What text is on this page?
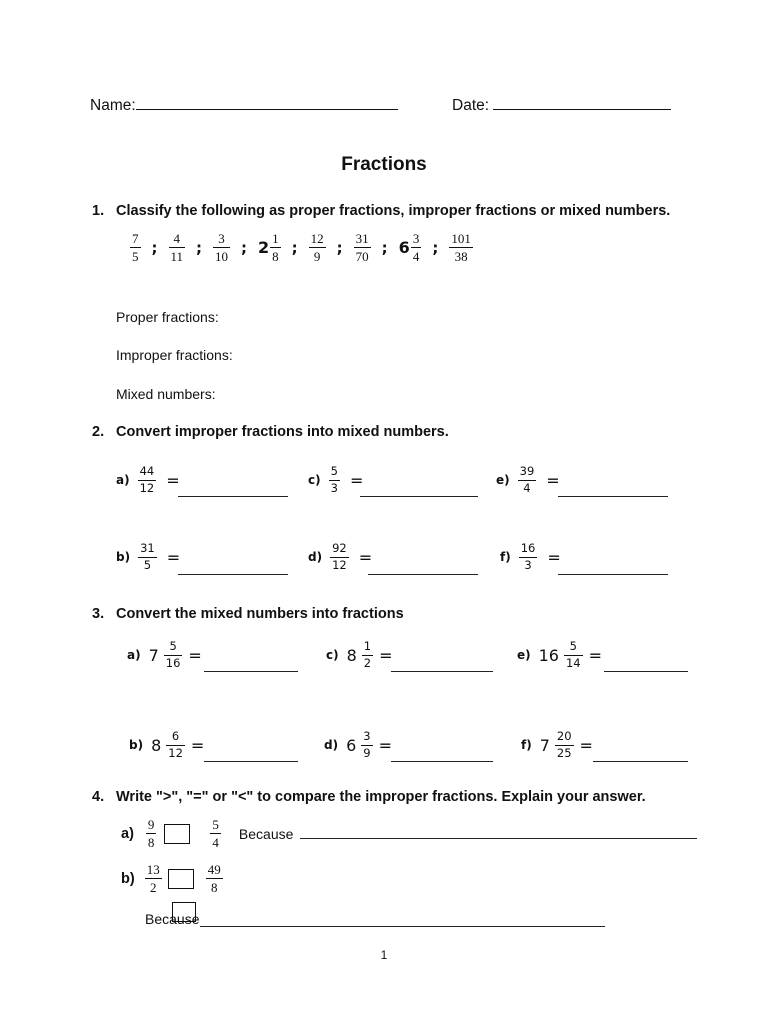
Name:	Date:
Fractions
1. Classify the following as proper fractions, improper fractions or mixed numbers.
$\frac{7}{5}$ ; $\frac{4}{11}$ ; $\frac{3}{10}$ ; $2 \frac{1}{8}$ ; $\frac{12}{9}$ ; $\frac{31}{70}$ ; $6 \frac{3}{4}$ ; $\frac{101}{38}$
Proper fractions:
Improper fractions:
Mixed numbers:
2. Convert improper fractions into mixed numbers.
$a) \frac{44}{12}$ =	$c) \frac{5}{3}$ =	$e) \frac{39}{4}$ =
$b) \frac{31}{5}$ =	$d) \frac{92}{12}$ =	$f) \frac{16}{3}$ =
3. Convert the mixed numbers into fractions
a) $7 \frac{5}{16}$ =	c) $8 \frac{1}{2}$ =	e) $16 \frac{5}{14}$ =
b) $8 \frac{6}{12}$ =	d) $6 \frac{3}{9}$ =	f) $7 \frac{20}{25}$ =
4. Write ">", "=" or "<" to compare the improper fractions. Explain your answer.
$a) \frac{9}{8}$	$\frac{5}{4}$ Because
$b) \frac{13}{2}$	$\frac{49}{8}$
Because
1
